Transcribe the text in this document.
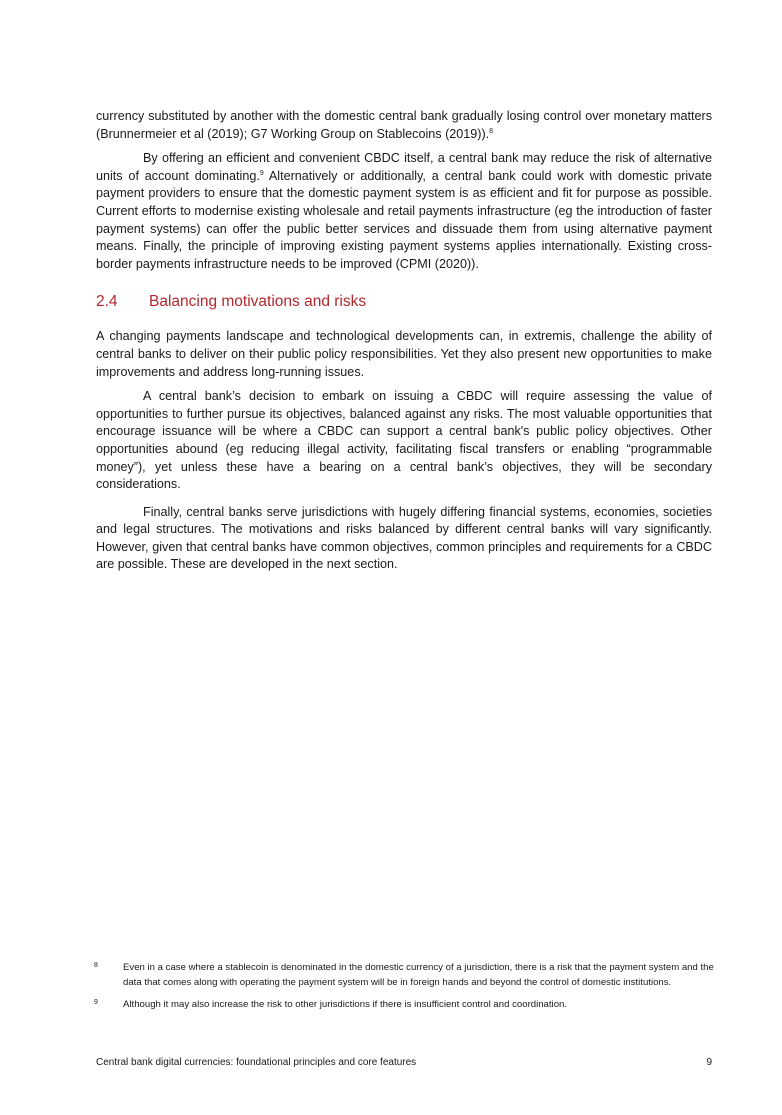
currency substituted by another with the domestic central bank gradually losing control over monetary matters (Brunnermeier et al (2019); G7 Working Group on Stablecoins (2019)).$^8$

By offering an efficient and convenient CBDC itself, a central bank may reduce the risk of alternative units of account dominating.$^9$ Alternatively or additionally, a central bank could work with domestic private payment providers to ensure that the domestic payment system is as efficient and fit for purpose as possible. Current efforts to modernise existing wholesale and retail payments infrastructure (eg the introduction of faster payment systems) can offer the public better services and dissuade them from using alternative payment means. Finally, the principle of improving existing payment systems applies internationally. Existing cross-border payments infrastructure needs to be improved (CPMI (2020)).

2.4 Balancing motivations and risks

A changing payments landscape and technological developments can, in extremis, challenge the ability of central banks to deliver on their public policy responsibilities. Yet they also present new opportunities to make improvements and address long-running issues.

A central bank’s decision to embark on issuing a CBDC will require assessing the value of opportunities to further pursue its objectives, balanced against any risks. The most valuable opportunities that encourage issuance will be where a CBDC can support a central bank's public policy objectives. Other opportunities abound (eg reducing illegal activity, facilitating fiscal transfers or enabling “programmable money”), yet unless these have a bearing on a central bank’s objectives, they will be secondary considerations.

Finally, central banks serve jurisdictions with hugely differing financial systems, economies, societies and legal structures. The motivations and risks balanced by different central banks will vary significantly. However, given that central banks have common objectives, common principles and requirements for a CBDC are possible. These are developed in the next section.

8	Even in a case where a stablecoin is denominated in the domestic currency of a jurisdiction, there is a risk that the payment system and the data that comes along with operating the payment system will be in foreign hands and beyond the control of domestic institutions.
9	Although it may also increase the risk to other jurisdictions if there is insufficient control and coordination.
Central bank digital currencies: foundational principles and core features	9
